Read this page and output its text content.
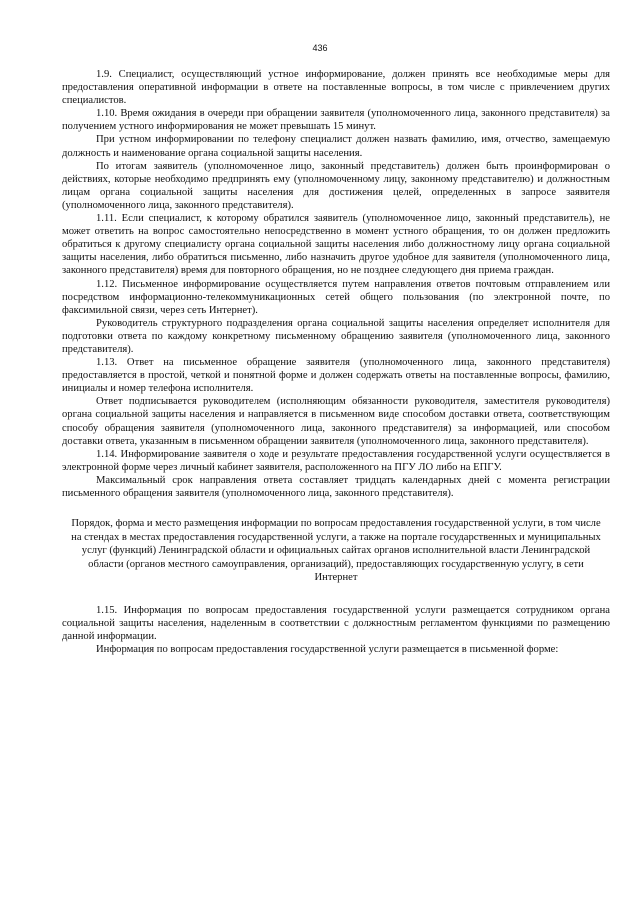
436

1.9. Специалист, осуществляющий устное информирование, должен принять все необходимые меры для предоставления оперативной информации в ответе на поставленные вопросы, в том числе с привлечением других специалистов.

1.10. Время ожидания в очереди при обращении заявителя (уполномоченного лица, законного представителя) за получением устного информирования не может превышать 15 минут.

При устном информировании по телефону специалист должен назвать фамилию, имя, отчество, замещаемую должность и наименование органа социальной защиты населения.

По итогам заявитель (уполномоченное лицо, законный представитель) должен быть проинформирован о действиях, которые необходимо предпринять ему (уполномоченному лицу, законному представителю) и должностным лицам органа социальной защиты населения для достижения целей, определенных в запросе заявителя (уполномоченного лица, законного представителя).

1.11. Если специалист, к которому обратился заявитель (уполномоченное лицо, законный представитель), не может ответить на вопрос самостоятельно непосредственно в момент устного обращения, то он должен предложить обратиться к другому специалисту органа социальной защиты населения либо должностному лицу органа социальной защиты населения, либо обратиться письменно, либо назначить другое удобное для заявителя (уполномоченного лица, законного представителя) время для повторного обращения, но не позднее следующего дня приема граждан.

1.12. Письменное информирование осуществляется путем направления ответов почтовым отправлением или посредством информационно-телекоммуникационных сетей общего пользования (по электронной почте, по факсимильной связи, через сеть Интернет).

Руководитель структурного подразделения органа социальной защиты населения определяет исполнителя для подготовки ответа по каждому конкретному письменному обращению заявителя (уполномоченного лица, законного представителя).

1.13. Ответ на письменное обращение заявителя (уполномоченного лица, законного представителя) предоставляется в простой, четкой и понятной форме и должен содержать ответы на поставленные вопросы, фамилию, инициалы и номер телефона исполнителя.

Ответ подписывается руководителем (исполняющим обязанности руководителя, заместителя руководителя) органа социальной защиты населения и направляется в письменном виде способом доставки ответа, соответствующим способу обращения заявителя (уполномоченного лица, законного представителя) за информацией, или способом доставки ответа, указанным в письменном обращении заявителя (уполномоченного лица, законного представителя).

1.14. Информирование заявителя о ходе и результате предоставления государственной услуги осуществляется в электронной форме через личный кабинет заявителя, расположенного на ПГУ ЛО либо на ЕПГУ.

Максимальный срок направления ответа составляет тридцать календарных дней с момента регистрации письменного обращения заявителя (уполномоченного лица, законного представителя).

Порядок, форма и место размещения информации по вопросам предоставления государственной услуги, в том числе на стендах в местах предоставления государственной услуги, а также на портале государственных и муниципальных услуг (функций) Ленинградской области и официальных сайтах органов исполнительной власти Ленинградской области (органов местного самоуправления, организаций), предоставляющих государственную услугу, в сети Интернет

1.15. Информация по вопросам предоставления государственной услуги размещается сотрудником органа социальной защиты населения, наделенным в соответствии с должностным регламентом функциями по размещению данной информации.

Информация по вопросам предоставления государственной услуги размещается в письменной форме:
